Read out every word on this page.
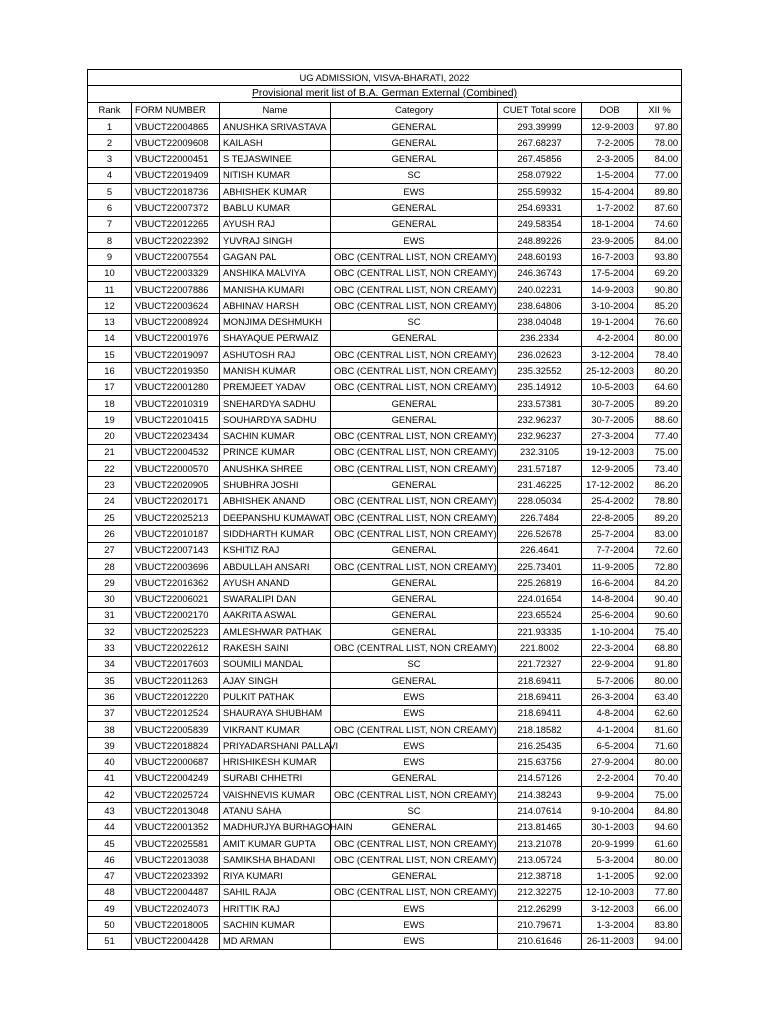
UG ADMISSION, VISVA-BHARATI, 2022						
Provisional merit list of B.A. German External (Combined)						
Rank	FORM NUMBER	Name	Category	CUET Total score	DOB	XII %
1	VBUCT22004865	ANUSHKA SRIVASTAVA	GENERAL	293.39999	12-9-2003	97.80
2	VBUCT22009608	KAILASH	GENERAL	267.68237	7-2-2005	78.00
3	VBUCT22000451	S TEJASWINEE	GENERAL	267.45856	2-3-2005	84.00
4	VBUCT22019409	NITISH KUMAR	SC	258.07922	1-5-2004	77.00
5	VBUCT22018736	ABHISHEK KUMAR	EWS	255.59932	15-4-2004	89.80
6	VBUCT22007372	BABLU KUMAR	GENERAL	254.69331	1-7-2002	87.60
7	VBUCT22012265	AYUSH RAJ	GENERAL	249.58354	18-1-2004	74.60
8	VBUCT22022392	YUVRAJ SINGH	EWS	248.89226	23-9-2005	84.00
9	VBUCT22007554	GAGAN PAL	OBC (CENTRAL LIST, NON CREAMY)	248.60193	16-7-2003	93.80
10	VBUCT22003329	ANSHIKA MALVIYA	OBC (CENTRAL LIST, NON CREAMY)	246.36743	17-5-2004	69.20
11	VBUCT22007886	MANISHA KUMARI	OBC (CENTRAL LIST, NON CREAMY)	240.02231	14-9-2003	90.80
12	VBUCT22003624	ABHINAV HARSH	OBC (CENTRAL LIST, NON CREAMY)	238.64806	3-10-2004	85.20
13	VBUCT22008924	MONJIMA DESHMUKH	SC	238.04048	19-1-2004	76.60
14	VBUCT22001976	SHAYAQUE PERWAIZ	GENERAL	236.2334	4-2-2004	80.00
15	VBUCT22019097	ASHUTOSH RAJ	OBC (CENTRAL LIST, NON CREAMY)	236.02623	3-12-2004	78.40
16	VBUCT22019350	MANISH KUMAR	OBC (CENTRAL LIST, NON CREAMY)	235.32552	25-12-2003	80.20
17	VBUCT22001280	PREMJEET YADAV	OBC (CENTRAL LIST, NON CREAMY)	235.14912	10-5-2003	64.60
18	VBUCT22010319	SNEHARDYA SADHU	GENERAL	233.57381	30-7-2005	89.20
19	VBUCT22010415	SOUHARDYA SADHU	GENERAL	232.96237	30-7-2005	88.60
20	VBUCT22023434	SACHIN KUMAR	OBC (CENTRAL LIST, NON CREAMY)	232.96237	27-3-2004	77.40
21	VBUCT22004532	PRINCE KUMAR	OBC (CENTRAL LIST, NON CREAMY)	232.3105	19-12-2003	75.00
22	VBUCT22000570	ANUSHKA SHREE	OBC (CENTRAL LIST, NON CREAMY)	231.57187	12-9-2005	73.40
23	VBUCT22020905	SHUBHRA JOSHI	GENERAL	231.46225	17-12-2002	86.20
24	VBUCT22020171	ABHISHEK ANAND	OBC (CENTRAL LIST, NON CREAMY)	228.05034	25-4-2002	78.80
25	VBUCT22025213	DEEPANSHU KUMAWAT	OBC (CENTRAL LIST, NON CREAMY)	226.7484	22-8-2005	89.20
26	VBUCT22010187	SIDDHARTH KUMAR	OBC (CENTRAL LIST, NON CREAMY)	226.52678	25-7-2004	83.00
27	VBUCT22007143	KSHITIZ RAJ	GENERAL	226.4641	7-7-2004	72.60
28	VBUCT22003696	ABDULLAH ANSARI	OBC (CENTRAL LIST, NON CREAMY)	225.73401	11-9-2005	72.80
29	VBUCT22016362	AYUSH ANAND	GENERAL	225.26819	16-6-2004	84.20
30	VBUCT22006021	SWARALIPI DAN	GENERAL	224.01654	14-8-2004	90.40
31	VBUCT22002170	AAKRITA ASWAL	GENERAL	223.65524	25-6-2004	90.60
32	VBUCT22025223	AMLESHWAR PATHAK	GENERAL	221.93335	1-10-2004	75.40
33	VBUCT22022612	RAKESH SAINI	OBC (CENTRAL LIST, NON CREAMY)	221.8002	22-3-2004	68.80
34	VBUCT22017603	SOUMILI MANDAL	SC	221.72327	22-9-2004	91.80
35	VBUCT22011263	AJAY SINGH	GENERAL	218.69411	5-7-2006	80.00
36	VBUCT22012220	PULKIT PATHAK	EWS	218.69411	26-3-2004	63.40
37	VBUCT22012524	SHAURAYA SHUBHAM	EWS	218.69411	4-8-2004	62.60
38	VBUCT22005839	VIKRANT KUMAR	OBC (CENTRAL LIST, NON CREAMY)	218.18582	4-1-2004	81.60
39	VBUCT22018824	PRIYADARSHANI PALLAVI	EWS	216.25435	6-5-2004	71.60
40	VBUCT22000687	HRISHIKESH KUMAR	EWS	215.63756	27-9-2004	80.00
41	VBUCT22004249	SURABI CHHETRI	GENERAL	214.57126	2-2-2004	70.40
42	VBUCT22025724	VAISHNEVIS KUMAR	OBC (CENTRAL LIST, NON CREAMY)	214.38243	9-9-2004	75.00
43	VBUCT22013048	ATANU SAHA	SC	214.07614	9-10-2004	84.80
44	VBUCT22001352	MADHURJYA BURHAGOHAIN	GENERAL	213.81465	30-1-2003	94.60
45	VBUCT22025581	AMIT KUMAR GUPTA	OBC (CENTRAL LIST, NON CREAMY)	213.21078	20-9-1999	61.60
46	VBUCT22013038	SAMIKSHA BHADANI	OBC (CENTRAL LIST, NON CREAMY)	213.05724	5-3-2004	80.00
47	VBUCT22023392	RIYA KUMARI	GENERAL	212.38718	1-1-2005	92.00
48	VBUCT22004487	SAHIL RAJA	OBC (CENTRAL LIST, NON CREAMY)	212.32275	12-10-2003	77.80
49	VBUCT22024073	HRITTIK RAJ	EWS	212.26299	3-12-2003	66.00
50	VBUCT22018005	SACHIN KUMAR	EWS	210.79671	1-3-2004	83.80
51	VBUCT22004428	MD ARMAN	EWS	210.61646	26-11-2003	94.00
